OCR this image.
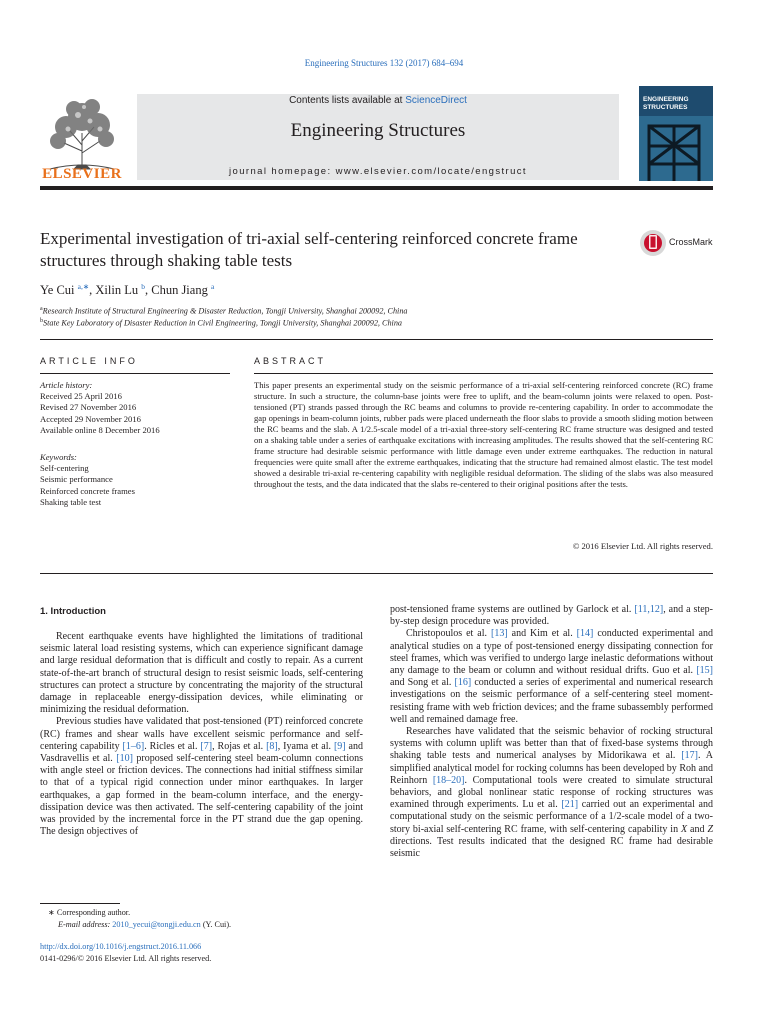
Engineering Structures 132 (2017) 684–694
ELSEVIER
Contents lists available at ScienceDirect
Engineering Structures
journal homepage: www.elsevier.com/locate/engstruct
ENGINEERING STRUCTURES
Experimental investigation of tri-axial self-centering reinforced concrete frame structures through shaking table tests
CrossMark
Ye Cui $^{a,∗}$, Xilin Lu $^b$, Chun Jiang $^a$
$^a$Research Institute of Structural Engineering & Disaster Reduction, Tongji University, Shanghai 200092, China
$^b$State Key Laboratory of Disaster Reduction in Civil Engineering, Tongji University, Shanghai 200092, China
ARTICLE INFO	ABSTRACT
Article history:
Received 25 April 2016
Revised 27 November 2016
Accepted 29 November 2016
Available online 8 December 2016
Keywords:
Self-centering
Seismic performance
Reinforced concrete frames
Shaking table test
This paper presents an experimental study on the seismic performance of a tri-axial self-centering reinforced concrete (RC) frame structure. In such a structure, the column-base joints were free to uplift, and the beam-column joints were relaxed to open. Post-tensioned (PT) strands passed through the RC beams and columns to provide re-centering capability. In order to accommodate the gap openings in beam-column joints, rubber pads were placed underneath the floor slabs to provide a smooth sliding motion between the RC beams and the slab. A 1/2.5-scale model of a tri-axial three-story self-centering RC frame structure was designed and tested on a shaking table under a series of earthquake excitations with increasing amplitudes. The results showed that the self-centering RC frame structure had desirable seismic performance with little damage even under extreme earthquakes. The reduction in natural frequencies were quite small after the extreme earthquakes, indicating that the structure had remained almost elastic. The test model showed a desirable tri-axial re-centering capability with negligible residual deformation. The sliding of the slabs was also measured throughout the tests, and the data indicated that the slabs re-centered to their original positions after the tests.
© 2016 Elsevier Ltd. All rights reserved.
1. Introduction

Recent earthquake events have highlighted the limitations of traditional seismic lateral load resisting systems, which can experience significant damage and large residual deformation that is difficult and costly to repair. As a current state-of-the-art branch of structural design to resist seismic loads, self-centering structures can protect a structure by concentrating the majority of the structural damage in replaceable energy-dissipation devices, while eliminating or minimizing the residual deformation.

Previous studies have validated that post-tensioned (PT) reinforced concrete (RC) frames and shear walls have excellent seismic performance and self-centering capability [1–6]. Ricles et al. [7], Rojas et al. [8], Iyama et al. [9] and Vasdravellis et al. [10] proposed self-centering steel beam-column connections with angle steel or friction devices. The connections had initial stiffness similar to that of a typical rigid connection under minor earthquakes. In larger earthquakes, a gap formed in the beam-column interface, and the energy-dissipation device was then activated. The self-centering capability of the joint was provided by the incremental force in the PT strand due the gap opening. The design objectives of

post-tensioned frame systems are outlined by Garlock et al. [11,12], and a step-by-step design procedure was provided.

Christopoulos et al. [13] and Kim et al. [14] conducted experimental and analytical studies on a type of post-tensioned energy dissipating connection for steel frames, which was verified to undergo large inelastic deformations without any damage to the beam or column and without residual drifts. Guo et al. [15] and Song et al. [16] conducted a series of experimental and numerical research investigations on the seismic performance of a self-centering steel moment-resisting frame with web friction devices; and the frame subassembly performed well and remained damage free.

Researches have validated that the seismic behavior of rocking structural systems with column uplift was better than that of fixed-base systems through shaking table tests and numerical analyses by Midorikawa et al. [17]. A simplified analytical model for rocking columns has been developed by Roh and Reinhorn [18–20]. Computational tools were created to simulate structural behaviors, and global nonlinear static response of rocking structures was examined through experiments. Lu et al. [21] carried out an experimental and computational study on the seismic performance of a 1/2-scale model of a two-story bi-axial self-centering RC frame, with self-centering capability in X and Z directions. Test results indicated that the designed RC frame had desirable seismic

∗ Corresponding author.
E-mail address: 2010_yecui@tongji.edu.cn (Y. Cui).
http://dx.doi.org/10.1016/j.engstruct.2016.11.066
0141-0296/© 2016 Elsevier Ltd. All rights reserved.
